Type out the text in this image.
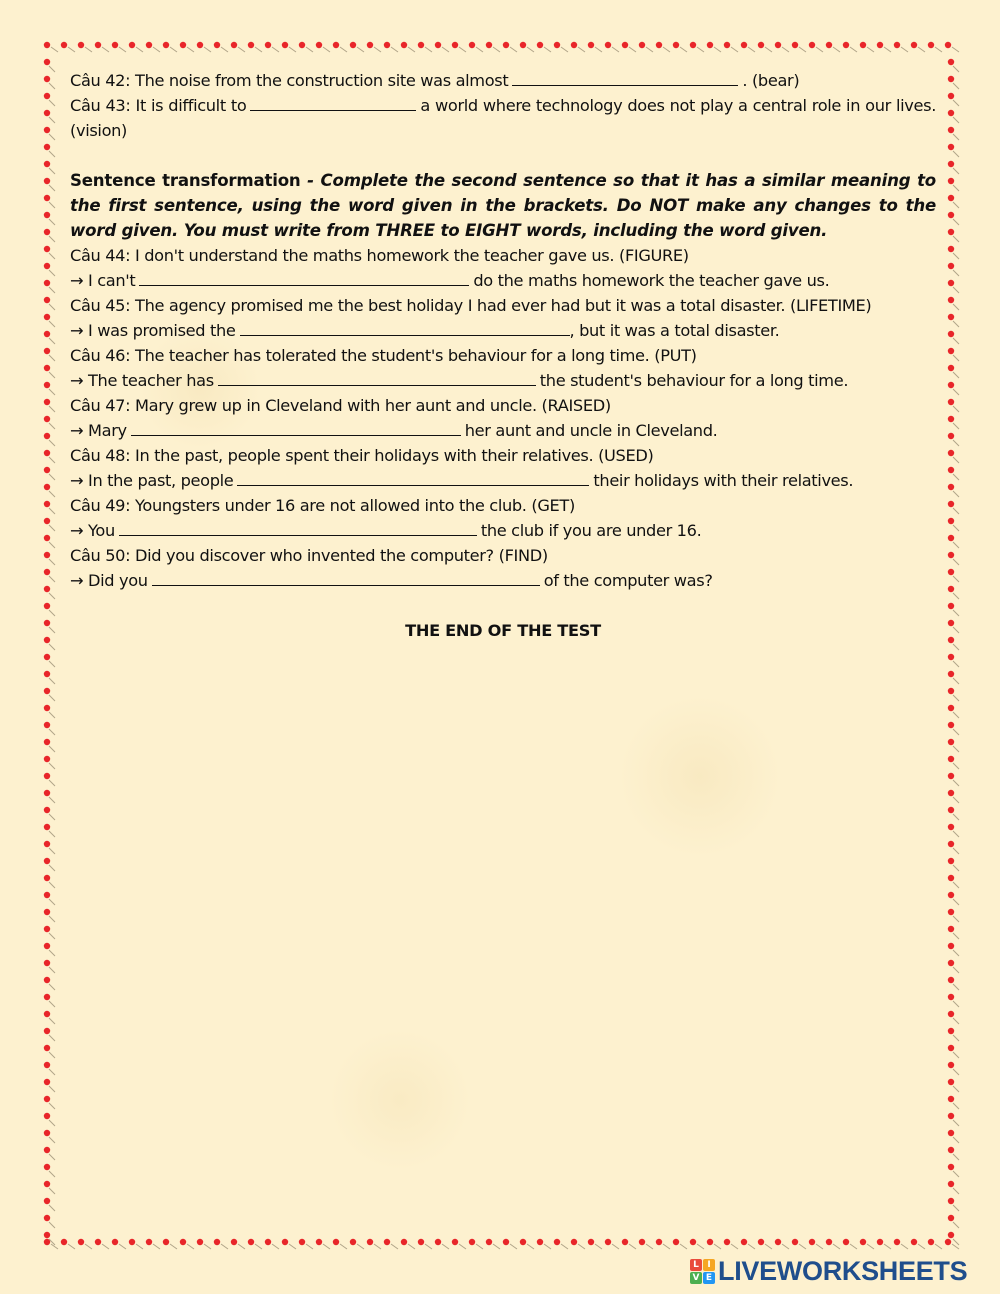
Câu 42: The noise from the construction site was almost	. (bear)
Câu 43: It is difficult to	a world where technology does not play a central role in our lives. (vision)
Sentence transformation - Complete the second sentence so that it has a similar meaning to the first sentence, using the word given in the brackets. Do NOT make any changes to the word given. You must write from THREE to EIGHT words, including the word given.
Câu 44: I don't understand the maths homework the teacher gave us. (FIGURE)
→ I can't	do the maths homework the teacher gave us.
Câu 45: The agency promised me the best holiday I had ever had but it was a total disaster. (LIFETIME)
→ I was promised the	, but it was a total disaster.
Câu 46: The teacher has tolerated the student's behaviour for a long time. (PUT)
→ The teacher has	the student's behaviour for a long time.
Câu 47: Mary grew up in Cleveland with her aunt and uncle. (RAISED)
→ Mary	her aunt and uncle in Cleveland.
Câu 48: In the past, people spent their holidays with their relatives. (USED)
→ In the past, people	their holidays with their relatives.
Câu 49: Youngsters under 16 are not allowed into the club. (GET)
→ You	the club if you are under 16.
Câu 50: Did you discover who invented the computer? (FIND)
→ Did you	of the computer was?
THE END OF THE TEST
L I
V E LIVEWORKSHEETS
